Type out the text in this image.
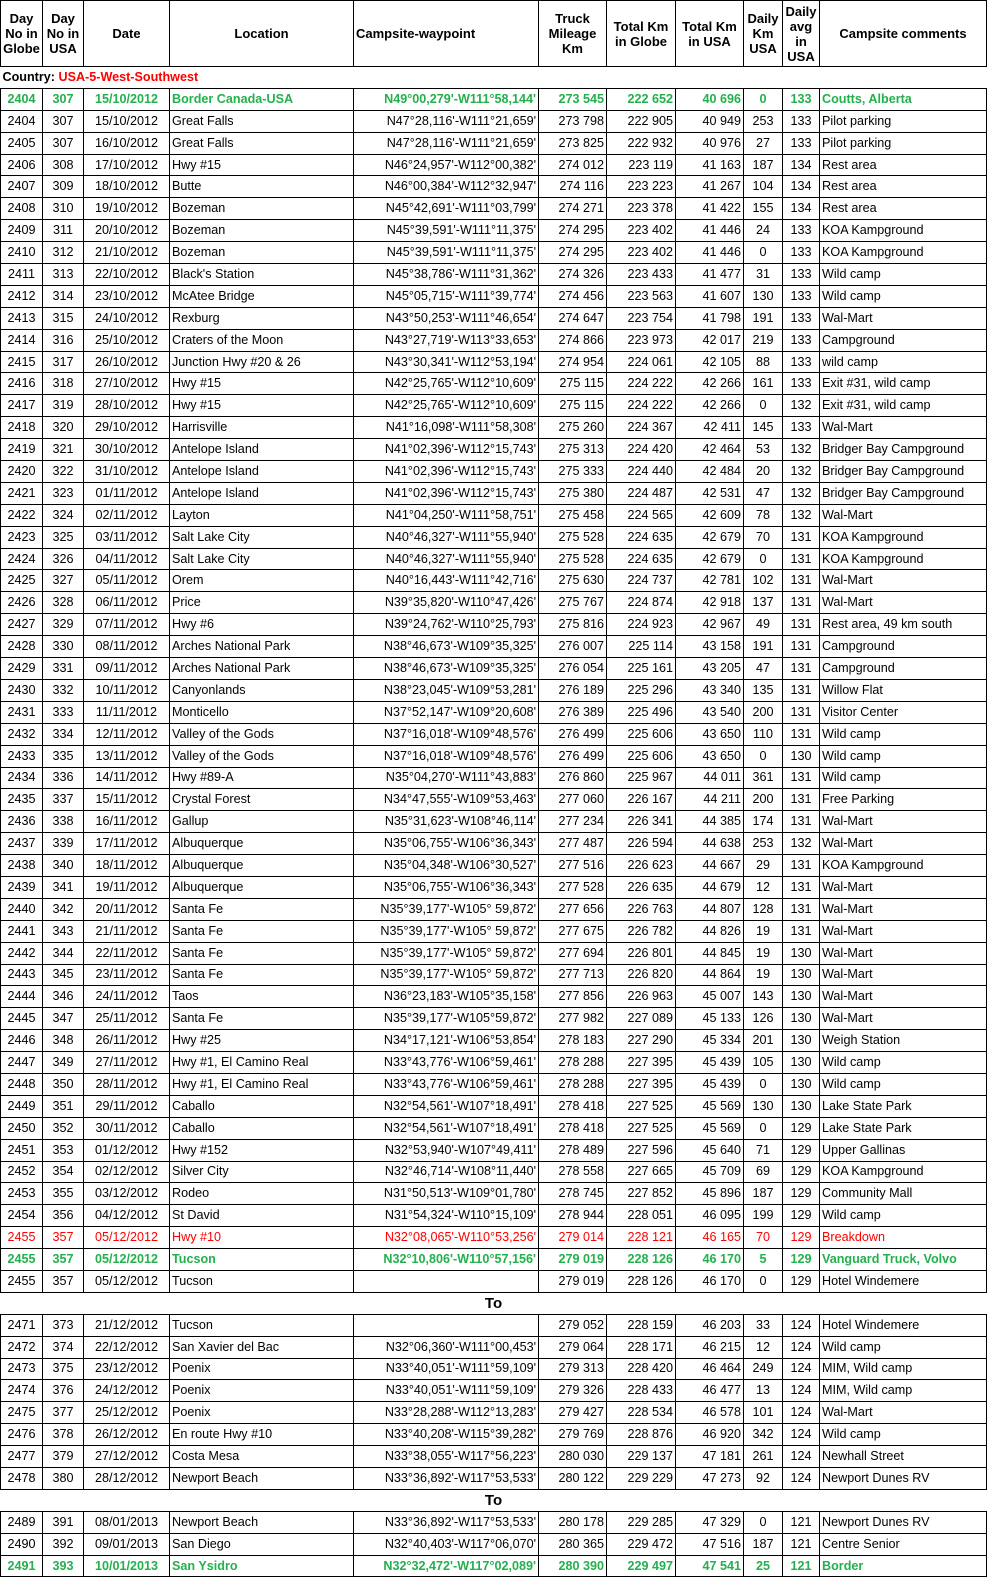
Day No in Globe	Day No in USA	Date	Location	Campsite-waypoint	Truck Mileage Km	Total Km in Globe	Total Km in USA	Daily Km USA	Daily avg in USA	Campsite comments
Country: USA-5-West-Southwest										
2404	307	15/10/2012	Border Canada-USA	N49°00,279'-W111°58,144'	273 545	222 652	40 696	0	133	Coutts, Alberta
2404	307	15/10/2012	Great Falls	N47°28,116'-W111°21,659'	273 798	222 905	40 949	253	133	Pilot parking
2405	307	16/10/2012	Great Falls	N47°28,116'-W111°21,659'	273 825	222 932	40 976	27	133	Pilot parking
2406	308	17/10/2012	Hwy #15	N46°24,957'-W112°00,382'	274 012	223 119	41 163	187	134	Rest area
2407	309	18/10/2012	Butte	N46°00,384'-W112°32,947'	274 116	223 223	41 267	104	134	Rest area
2408	310	19/10/2012	Bozeman	N45°42,691'-W111°03,799'	274 271	223 378	41 422	155	134	Rest area
2409	311	20/10/2012	Bozeman	N45°39,591'-W111°11,375'	274 295	223 402	41 446	24	133	KOA Kampground
2410	312	21/10/2012	Bozeman	N45°39,591'-W111°11,375'	274 295	223 402	41 446	0	133	KOA Kampground
2411	313	22/10/2012	Black's Station	N45°38,786'-W111°31,362'	274 326	223 433	41 477	31	133	Wild camp
2412	314	23/10/2012	McAtee Bridge	N45°05,715'-W111°39,774'	274 456	223 563	41 607	130	133	Wild camp
2413	315	24/10/2012	Rexburg	N43°50,253'-W111°46,654'	274 647	223 754	41 798	191	133	Wal-Mart
2414	316	25/10/2012	Craters of the Moon	N43°27,719'-W113°33,653'	274 866	223 973	42 017	219	133	Campground
2415	317	26/10/2012	Junction Hwy #20 & 26	N43°30,341'-W112°53,194'	274 954	224 061	42 105	88	133	wild camp
2416	318	27/10/2012	Hwy #15	N42°25,765'-W112°10,609'	275 115	224 222	42 266	161	133	Exit #31, wild camp
2417	319	28/10/2012	Hwy #15	N42°25,765'-W112°10,609'	275 115	224 222	42 266	0	132	Exit #31, wild camp
2418	320	29/10/2012	Harrisville	N41°16,098'-W111°58,308'	275 260	224 367	42 411	145	133	Wal-Mart
2419	321	30/10/2012	Antelope Island	N41°02,396'-W112°15,743'	275 313	224 420	42 464	53	132	Bridger Bay Campground
2420	322	31/10/2012	Antelope Island	N41°02,396'-W112°15,743'	275 333	224 440	42 484	20	132	Bridger Bay Campground
2421	323	01/11/2012	Antelope Island	N41°02,396'-W112°15,743'	275 380	224 487	42 531	47	132	Bridger Bay Campground
2422	324	02/11/2012	Layton	N41°04,250'-W111°58,751'	275 458	224 565	42 609	78	132	Wal-Mart
2423	325	03/11/2012	Salt Lake City	N40°46,327'-W111°55,940'	275 528	224 635	42 679	70	131	KOA Kampground
2424	326	04/11/2012	Salt Lake City	N40°46,327'-W111°55,940'	275 528	224 635	42 679	0	131	KOA Kampground
2425	327	05/11/2012	Orem	N40°16,443'-W111°42,716'	275 630	224 737	42 781	102	131	Wal-Mart
2426	328	06/11/2012	Price	N39°35,820'-W110°47,426'	275 767	224 874	42 918	137	131	Wal-Mart
2427	329	07/11/2012	Hwy #6	N39°24,762'-W110°25,793'	275 816	224 923	42 967	49	131	Rest area, 49 km south
2428	330	08/11/2012	Arches National Park	N38°46,673'-W109°35,325'	276 007	225 114	43 158	191	131	Campground
2429	331	09/11/2012	Arches National Park	N38°46,673'-W109°35,325'	276 054	225 161	43 205	47	131	Campground
2430	332	10/11/2012	Canyonlands	N38°23,045'-W109°53,281'	276 189	225 296	43 340	135	131	Willow Flat
2431	333	11/11/2012	Monticello	N37°52,147'-W109°20,608'	276 389	225 496	43 540	200	131	Visitor Center
2432	334	12/11/2012	Valley of the Gods	N37°16,018'-W109°48,576'	276 499	225 606	43 650	110	131	Wild camp
2433	335	13/11/2012	Valley of the Gods	N37°16,018'-W109°48,576'	276 499	225 606	43 650	0	130	Wild camp
2434	336	14/11/2012	Hwy #89-A	N35°04,270'-W111°43,883'	276 860	225 967	44 011	361	131	Wild camp
2435	337	15/11/2012	Crystal Forest	N34°47,555'-W109°53,463'	277 060	226 167	44 211	200	131	Free Parking
2436	338	16/11/2012	Gallup	N35°31,623'-W108°46,114'	277 234	226 341	44 385	174	131	Wal-Mart
2437	339	17/11/2012	Albuquerque	N35°06,755'-W106°36,343'	277 487	226 594	44 638	253	132	Wal-Mart
2438	340	18/11/2012	Albuquerque	N35°04,348'-W106°30,527'	277 516	226 623	44 667	29	131	KOA Kampground
2439	341	19/11/2012	Albuquerque	N35°06,755'-W106°36,343'	277 528	226 635	44 679	12	131	Wal-Mart
2440	342	20/11/2012	Santa Fe	N35°39,177'-W105° 59,872'	277 656	226 763	44 807	128	131	Wal-Mart
2441	343	21/11/2012	Santa Fe	N35°39,177'-W105° 59,872'	277 675	226 782	44 826	19	131	Wal-Mart
2442	344	22/11/2012	Santa Fe	N35°39,177'-W105° 59,872'	277 694	226 801	44 845	19	130	Wal-Mart
2443	345	23/11/2012	Santa Fe	N35°39,177'-W105° 59,872'	277 713	226 820	44 864	19	130	Wal-Mart
2444	346	24/11/2012	Taos	N36°23,183'-W105°35,158'	277 856	226 963	45 007	143	130	Wal-Mart
2445	347	25/11/2012	Santa Fe	N35°39,177'-W105°59,872'	277 982	227 089	45 133	126	130	Wal-Mart
2446	348	26/11/2012	Hwy #25	N34°17,121'-W106°53,854'	278 183	227 290	45 334	201	130	Weigh Station
2447	349	27/11/2012	Hwy #1, El Camino Real	N33°43,776'-W106°59,461'	278 288	227 395	45 439	105	130	Wild camp
2448	350	28/11/2012	Hwy #1, El Camino Real	N33°43,776'-W106°59,461'	278 288	227 395	45 439	0	130	Wild camp
2449	351	29/11/2012	Caballo	N32°54,561'-W107°18,491'	278 418	227 525	45 569	130	130	Lake State Park
2450	352	30/11/2012	Caballo	N32°54,561'-W107°18,491'	278 418	227 525	45 569	0	129	Lake State Park
2451	353	01/12/2012	Hwy #152	N32°53,940'-W107°49,411'	278 489	227 596	45 640	71	129	Upper Gallinas
2452	354	02/12/2012	Silver City	N32°46,714'-W108°11,440'	278 558	227 665	45 709	69	129	KOA Kampground
2453	355	03/12/2012	Rodeo	N31°50,513'-W109°01,780'	278 745	227 852	45 896	187	129	Community Mall
2454	356	04/12/2012	St David	N31°54,324'-W110°15,109'	278 944	228 051	46 095	199	129	Wild camp
2455	357	05/12/2012	Hwy #10	N32°08,065'-W110°53,256'	279 014	228 121	46 165	70	129	Breakdown
2455	357	05/12/2012	Tucson	N32°10,806'-W110°57,156'	279 019	228 126	46 170	5	129	Vanguard Truck, Volvo
2455	357	05/12/2012	Tucson		279 019	228 126	46 170	0	129	Hotel Windemere
To										
2471	373	21/12/2012	Tucson		279 052	228 159	46 203	33	124	Hotel Windemere
2472	374	22/12/2012	San Xavier del Bac	N32°06,360'-W111°00,453'	279 064	228 171	46 215	12	124	Wild camp
2473	375	23/12/2012	Poenix	N33°40,051'-W111°59,109'	279 313	228 420	46 464	249	124	MIM, Wild camp
2474	376	24/12/2012	Poenix	N33°40,051'-W111°59,109'	279 326	228 433	46 477	13	124	MIM, Wild camp
2475	377	25/12/2012	Poenix	N33°28,288'-W112°13,283'	279 427	228 534	46 578	101	124	Wal-Mart
2476	378	26/12/2012	En route Hwy #10	N33°40,208'-W115°39,282'	279 769	228 876	46 920	342	124	Wild camp
2477	379	27/12/2012	Costa Mesa	N33°38,055'-W117°56,223'	280 030	229 137	47 181	261	124	Newhall Street
2478	380	28/12/2012	Newport Beach	N33°36,892'-W117°53,533'	280 122	229 229	47 273	92	124	Newport Dunes RV
To										
2489	391	08/01/2013	Newport Beach	N33°36,892'-W117°53,533'	280 178	229 285	47 329	0	121	Newport Dunes RV
2490	392	09/01/2013	San Diego	N32°40,403'-W117°06,070'	280 365	229 472	47 516	187	121	Centre Senior
2491	393	10/01/2013	San Ysidro	N32°32,472'-W117°02,089'	280 390	229 497	47 541	25	121	Border
